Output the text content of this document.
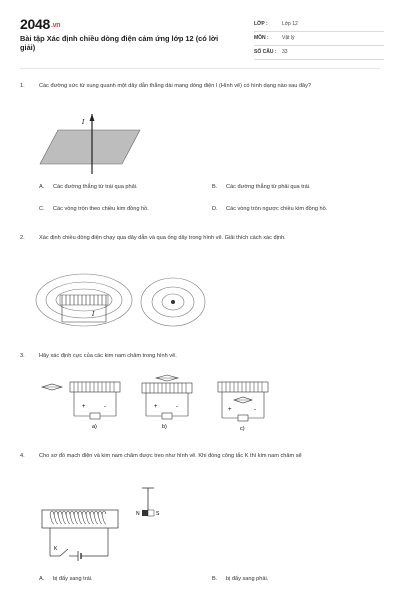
2048.vn
Bài tập Xác định chiều dòng điện cảm ứng lớp 12 (có lời giải)
LỚP :	Lớp 12
MÔN :	Vật lý
SỐ CÂU : 33
1.	Các đường sức từ xung quanh một dây dẫn thẳng dài mang dòng điện I (Hình vẽ) có hình dạng nào sau đây?
I
A. Các đường thẳng từ trái qua phải.	B. Các đường thẳng từ phải qua trái.
C. Các vòng tròn theo chiều kim đồng hồ.	D. Các vòng tròn ngược chiều kim đồng hồ.
2.	Xác định chiều dòng điện chạy qua dây dẫn và qua ống dây trong hình vẽ. Giải thích cách xác định.
I
3.	Hãy xác định cực của các kim nam châm trong hình vẽ.
+	-
a)
+	-
b)
+	-
c)
4.	Cho sơ đồ mạch điện và kim nam châm được treo như hình vẽ. Khi đóng công tắc K thì kim nam châm sẽ
N	S
K
A. bị đẩy sang trái.	B. bị đẩy sang phải.
